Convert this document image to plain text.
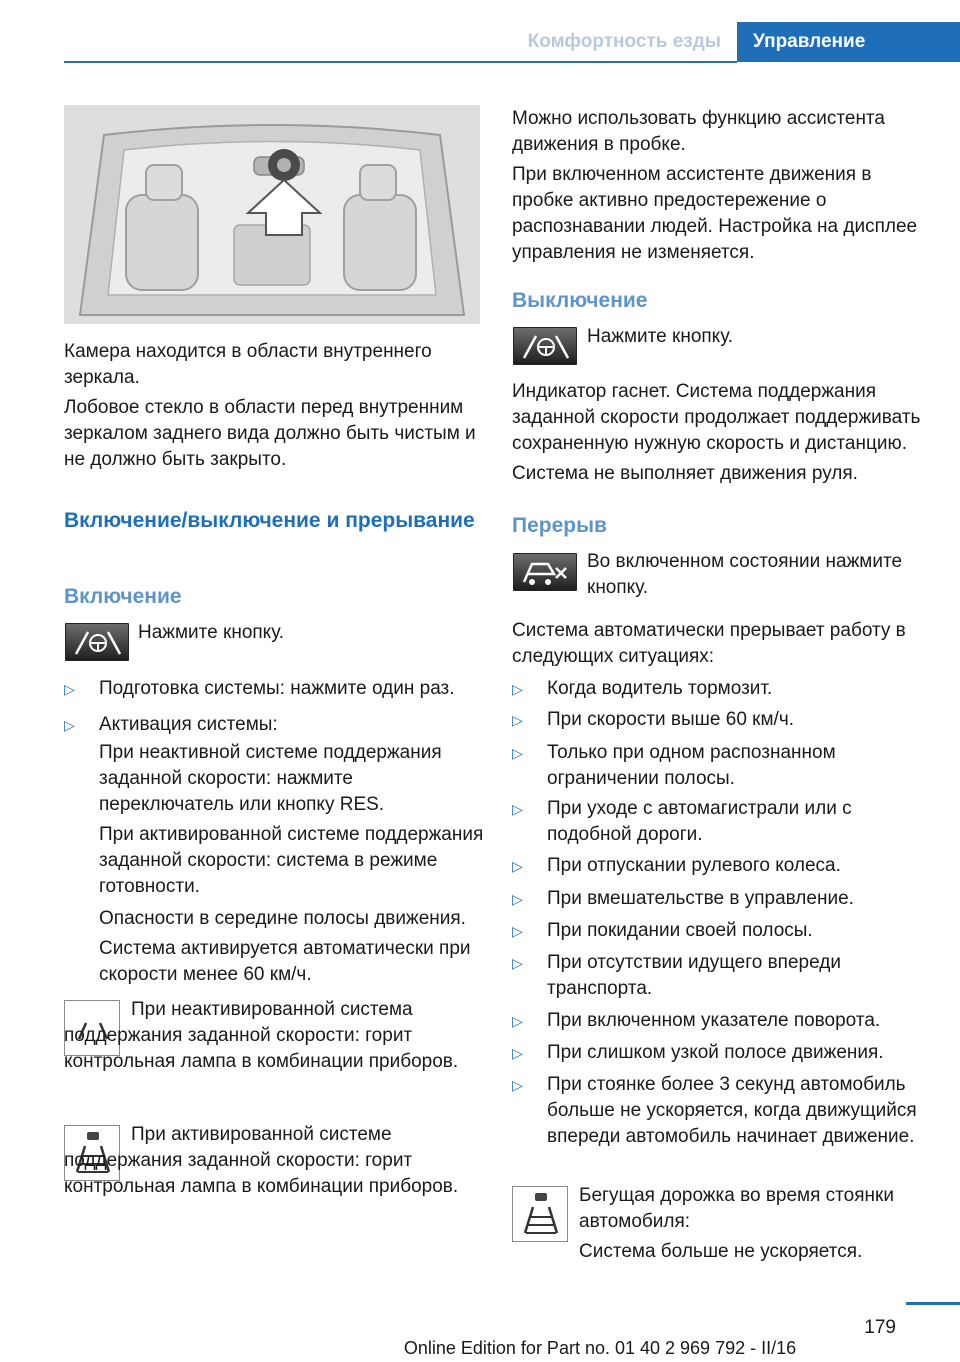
Комфортность езды	Управление
Камера находится в области внутреннего зеркала.
Лобовое стекло в области перед внутренним зеркалом заднего вида должно быть чистым и не должно быть закрыто.
Включение/выключение и прерывание
Включение
Нажмите кнопку.
▷ Подготовка системы: нажмите один раз.
▷ Активация системы:
При неактивной системе поддержания заданной скорости: нажмите переключатель или кнопку RES.
При активированной системе поддержания заданной скорости: система в режиме готовности.
Опасности в середине полосы движения.
Система активируется автоматически при скорости менее 60 км/ч.
При неактивированной система поддержания заданной скорости: горит контрольная лампа в комбинации приборов.
При активированной системе поддержания заданной скорости: горит контрольная лампа в комбинации приборов.
Можно использовать функцию ассистента движения в пробке.
При включенном ассистенте движения в пробке активно предостережение о распознавании людей. Настройка на дисплее управления не изменяется.
Выключение
Нажмите кнопку.
Индикатор гаснет. Система поддержания заданной скорости продолжает поддерживать сохраненную нужную скорость и дистанцию.
Система не выполняет движения руля.
Перерыв
Во включенном состоянии нажмите кнопку.
Система автоматически прерывает работу в следующих ситуациях:
▷ Когда водитель тормозит.
▷ При скорости выше 60 км/ч.
▷ Только при одном распознанном ограничении полосы.
▷ При уходе с автомагистрали или с подобной дороги.
▷ При отпускании рулевого колеса.
▷ При вмешательстве в управление.
▷ При покидании своей полосы.
▷ При отсутствии идущего впереди транспорта.
▷ При включенном указателе поворота.
▷ При слишком узкой полосе движения.
▷ При стоянке более 3 секунд автомобиль больше не ускоряется, когда движущийся впереди автомобиль начинает движение.
Бегущая дорожка во время стоянки автомобиля:
Система больше не ускоряется.
179
Online Edition for Part no. 01 40 2 969 792 - II/16
